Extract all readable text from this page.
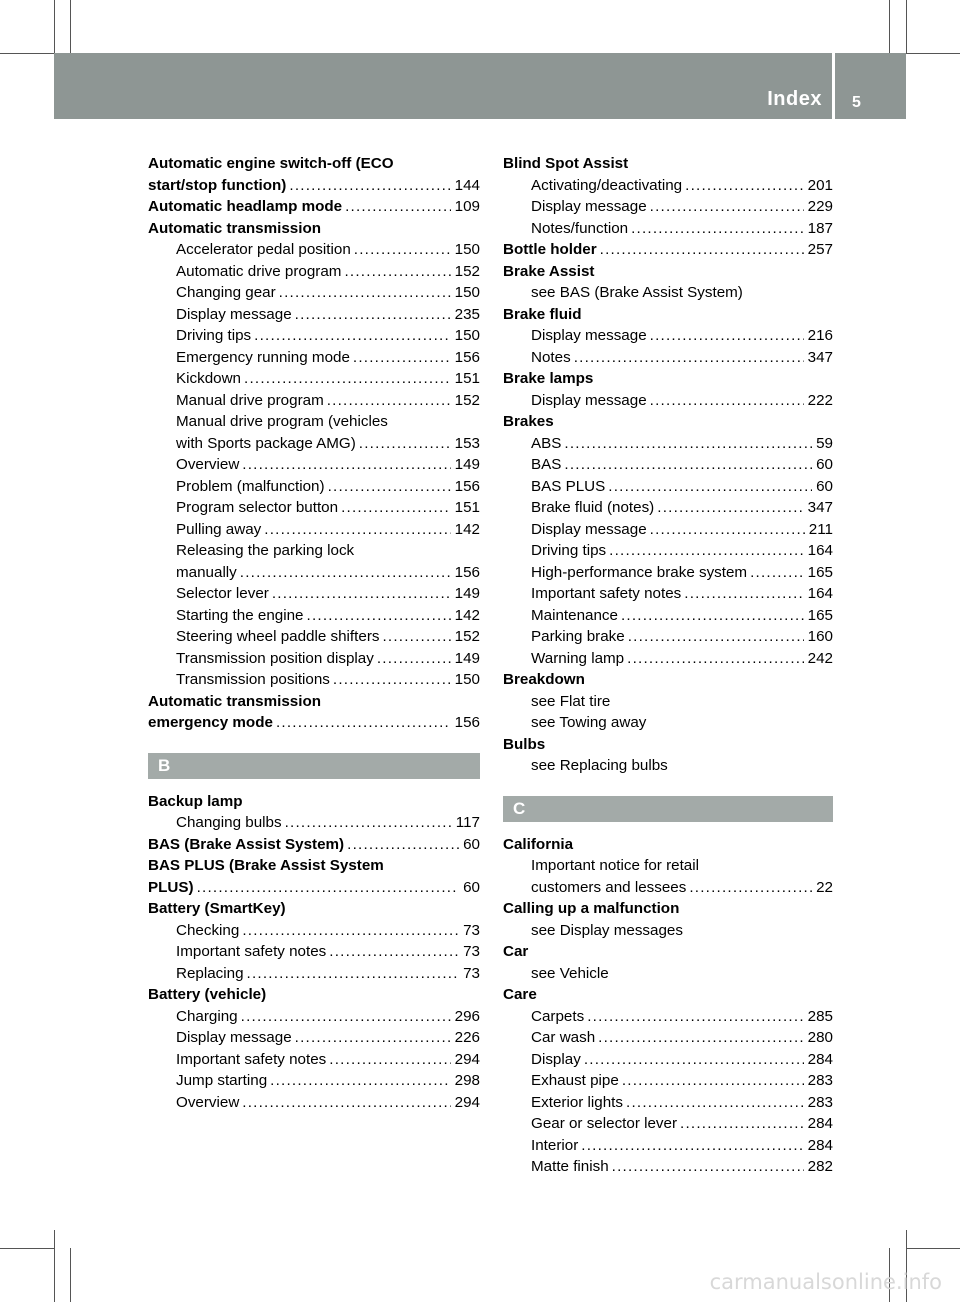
Index 5
Automatic engine switch-off (ECO
start/stop function) . . .	144
Automatic headlamp mode . . .	109
Automatic transmission
Accelerator pedal position . . .	150
Automatic drive program . . .	152
Changing gear . . .	150
Display message . . .	235
Driving tips . . .	150
Emergency running mode . . .	156
Kickdown . . .	151
Manual drive program . . .	152
Manual drive program (vehicles
with Sports package AMG) . . .	153
Overview . . .	149
Problem (malfunction) . . .	156
Program selector button . . .	151
Pulling away . . .	142
Releasing the parking lock
manually . . .	156
Selector lever . . .	149
Starting the engine . . .	142
Steering wheel paddle shifters . . .	152
Transmission position display . . .	149
Transmission positions . . .	150
Automatic transmission
emergency mode . . .	156
B
Backup lamp
Changing bulbs . . .	117
BAS (Brake Assist System) . . .	60
BAS PLUS (Brake Assist System
PLUS) . . .	60
Battery (SmartKey)
Checking . . .	73
Important safety notes . . .	73
Replacing . . .	73
Battery (vehicle)
Charging . . .	296
Display message . . .	226
Important safety notes . . .	294
Jump starting . . .	298
Overview . . .	294
Blind Spot Assist
Activating/deactivating . . .	201
Display message . . .	229
Notes/function . . .	187
Bottle holder . . .	257
Brake Assist
see BAS (Brake Assist System)
Brake fluid
Display message . . .	216
Notes . . .	347
Brake lamps
Display message . . .	222
Brakes
ABS . . .	59
BAS . . .	60
BAS PLUS . . .	60
Brake fluid (notes) . . .	347
Display message . . .	211
Driving tips . . .	164
High-performance brake system . . .	165
Important safety notes . . .	164
Maintenance . . .	165
Parking brake . . .	160
Warning lamp . . .	242
Breakdown
see Flat tire
see Towing away
Bulbs
see Replacing bulbs
C
California
Important notice for retail
customers and lessees . . .	22
Calling up a malfunction
see Display messages
Car
see Vehicle
Care
Carpets . . .	285
Car wash . . .	280
Display . . .	284
Exhaust pipe . . .	283
Exterior lights . . .	283
Gear or selector lever . . .	284
Interior . . .	284
Matte finish . . .	282
carmanualsonline.info
